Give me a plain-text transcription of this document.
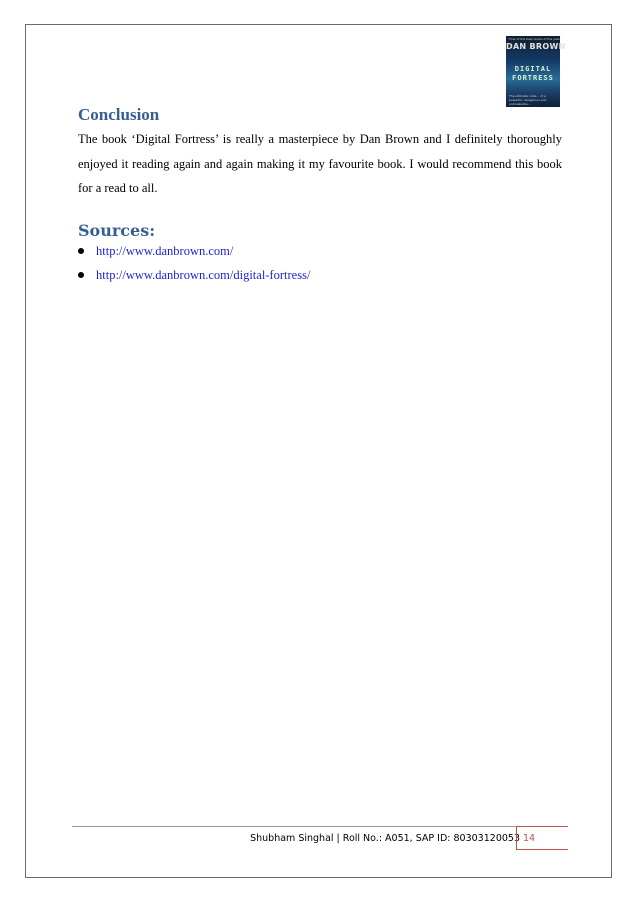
"One of the best books of the year"
DAN BROWN
DIGITAL
FORTRESS
The ultimate code... of a powerful, dangerous and unbreakable...
Conclusion

The book ‘Digital Fortress’ is really a masterpiece by Dan Brown and I definitely thoroughly enjoyed it reading again and again making it my favourite book. I would recommend this book for a read to all.

Sources:
http://www.danbrown.com/
http://www.danbrown.com/digital-fortress/
Shubham Singhal | Roll No.: A051, SAP ID: 80303120053 14
